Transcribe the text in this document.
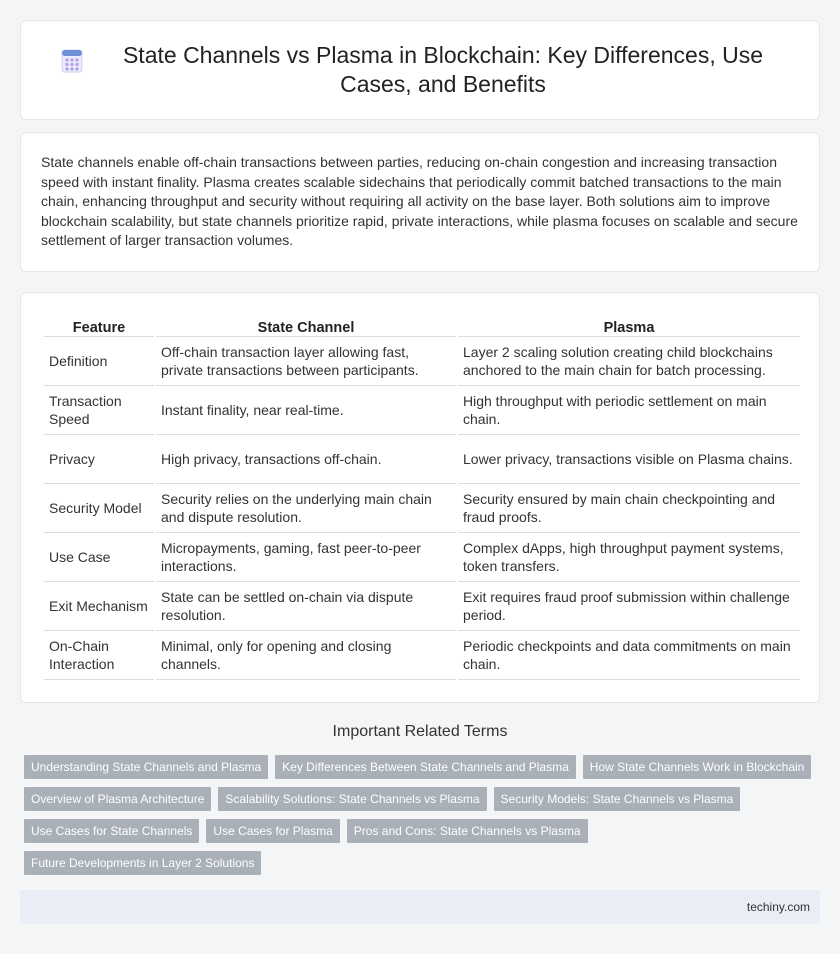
State Channels vs Plasma in Blockchain: Key Differences, Use Cases, and Benefits

State channels enable off-chain transactions between parties, reducing on-chain congestion and increasing transaction speed with instant finality. Plasma creates scalable sidechains that periodically commit batched transactions to the main chain, enhancing throughput and security without requiring all activity on the base layer. Both solutions aim to improve blockchain scalability, but state channels prioritize rapid, private interactions, while plasma focuses on scalable and secure settlement of larger transaction volumes.

Feature	State Channel	Plasma
Definition	Off-chain transaction layer allowing fast, private transactions between participants.	Layer 2 scaling solution creating child blockchains anchored to the main chain for batch processing.
Transaction Speed	Instant finality, near real-time.	High throughput with periodic settlement on main chain.
Privacy	High privacy, transactions off-chain.	Lower privacy, transactions visible on Plasma chains.
Security Model	Security relies on the underlying main chain and dispute resolution.	Security ensured by main chain checkpointing and fraud proofs.
Use Case	Micropayments, gaming, fast peer-to-peer interactions.	Complex dApps, high throughput payment systems, token transfers.
Exit Mechanism	State can be settled on-chain via dispute resolution.	Exit requires fraud proof submission within challenge period.
On-Chain Interaction	Minimal, only for opening and closing channels.	Periodic checkpoints and data commitments on main chain.
Important Related Terms
Understanding State Channels and Plasma	Key Differences Between State Channels and Plasma	How State Channels Work in Blockchain
Overview of Plasma Architecture	Scalability Solutions: State Channels vs Plasma	Security Models: State Channels vs Plasma
Use Cases for State Channels	Use Cases for Plasma	Pros and Cons: State Channels vs Plasma
Future Developments in Layer 2 Solutions
techiny.com
